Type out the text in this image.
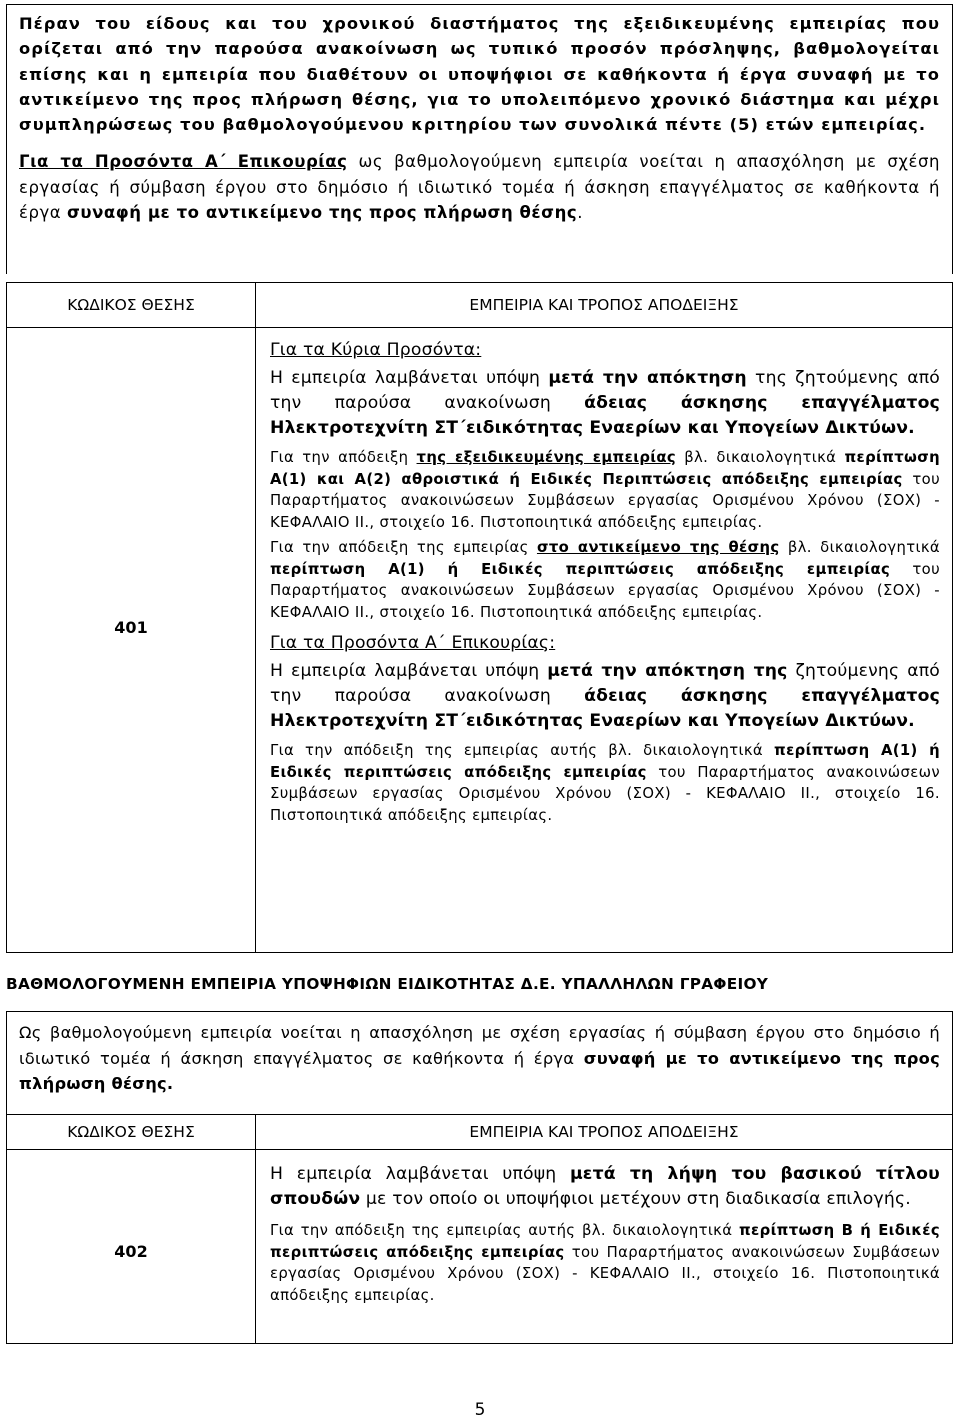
Πέραν του είδους και του χρονικού διαστήματος της εξειδικευμένης εμπειρίας που ορίζεται από την παρούσα ανακοίνωση ως τυπικό προσόν πρόσληψης, βαθμολογείται επίσης και η εμπειρία που διαθέτουν οι υποψήφιοι σε καθήκοντα ή έργα συναφή με το αντικείμενο της προς πλήρωση θέσης, για το υπολειπόμενο χρονικό διάστημα και μέχρι συμπληρώσεως του βαθμολογούμενου κριτηρίου των συνολικά πέντε (5) ετών εμπειρίας.

Για τα Προσόντα Α΄ Επικουρίας ως βαθμολογούμενη εμπειρία νοείται η απασχόληση με σχέση εργασίας ή σύμβαση έργου στο δημόσιο ή ιδιωτικό τομέα ή άσκηση επαγγέλματος σε καθήκοντα ή έργα συναφή με το αντικείμενο της προς πλήρωση θέσης.

ΚΩΔΙΚΟΣ ΘΕΣΗΣ	ΕΜΠΕΙΡΙΑ ΚΑΙ ΤΡΟΠΟΣ ΑΠΟΔΕΙΞΗΣ
401
Για τα Κύρια Προσόντα:

Η εμπειρία λαμβάνεται υπόψη μετά την απόκτηση της ζητούμενης από την παρούσα ανακοίνωση άδειας άσκησης επαγγέλματος Ηλεκτροτεχνίτη ΣΤ΄ειδικότητας Εναερίων και Υπογείων Δικτύων.

Για την απόδειξη της εξειδικευμένης εμπειρίας βλ. δικαιολογητικά περίπτωση Α(1) και Α(2) αθροιστικά ή Ειδικές Περιπτώσεις απόδειξης εμπειρίας του Παραρτήματος ανακοινώσεων Συμβάσεων εργασίας Ορισμένου Χρόνου (ΣΟΧ) - ΚΕΦΑΛΑΙΟ ΙΙ., στοιχείο 16. Πιστοποιητικά απόδειξης εμπειρίας.

Για την απόδειξη της εμπειρίας στο αντικείμενο της θέσης βλ. δικαιολογητικά περίπτωση Α(1) ή Ειδικές περιπτώσεις απόδειξης εμπειρίας του Παραρτήματος ανακοινώσεων Συμβάσεων εργασίας Ορισμένου Χρόνου (ΣΟΧ) - ΚΕΦΑΛΑΙΟ ΙΙ., στοιχείο 16. Πιστοποιητικά απόδειξης εμπειρίας.

Για τα Προσόντα Α΄ Επικουρίας:

Η εμπειρία λαμβάνεται υπόψη μετά την απόκτηση της ζητούμενης από την παρούσα ανακοίνωση άδειας άσκησης επαγγέλματος Ηλεκτροτεχνίτη ΣΤ΄ειδικότητας Εναερίων και Υπογείων Δικτύων.

Για την απόδειξη της εμπειρίας αυτής βλ. δικαιολογητικά περίπτωση Α(1) ή Ειδικές περιπτώσεις απόδειξης εμπειρίας του Παραρτήματος ανακοινώσεων Συμβάσεων εργασίας Ορισμένου Χρόνου (ΣΟΧ) - ΚΕΦΑΛΑΙΟ ΙΙ., στοιχείο 16. Πιστοποιητικά απόδειξης εμπειρίας.

ΒΑΘΜΟΛΟΓΟΥΜΕΝΗ ΕΜΠΕΙΡΙΑ ΥΠΟΨΗΦΙΩΝ ΕΙΔΙΚΟΤΗΤΑΣ Δ.Ε. ΥΠΑΛΛΗΛΩΝ ΓΡΑΦΕΙΟΥ

Ως βαθμολογούμενη εμπειρία νοείται η απασχόληση με σχέση εργασίας ή σύμβαση έργου στο δημόσιο ή ιδιωτικό τομέα ή άσκηση επαγγέλματος σε καθήκοντα ή έργα συναφή με το αντικείμενο της προς πλήρωση θέσης.

ΚΩΔΙΚΟΣ ΘΕΣΗΣ	ΕΜΠΕΙΡΙΑ ΚΑΙ ΤΡΟΠΟΣ ΑΠΟΔΕΙΞΗΣ
402

Η εμπειρία λαμβάνεται υπόψη μετά τη λήψη του βασικού τίτλου σπουδών με τον οποίο οι υποψήφιοι μετέχουν στη διαδικασία επιλογής.

Για την απόδειξη της εμπειρίας αυτής βλ. δικαιολογητικά περίπτωση Β ή Ειδικές περιπτώσεις απόδειξης εμπειρίας του Παραρτήματος ανακοινώσεων Συμβάσεων εργασίας Ορισμένου Χρόνου (ΣΟΧ) - ΚΕΦΑΛΑΙΟ ΙΙ., στοιχείο 16. Πιστοποιητικά απόδειξης εμπειρίας.

5
